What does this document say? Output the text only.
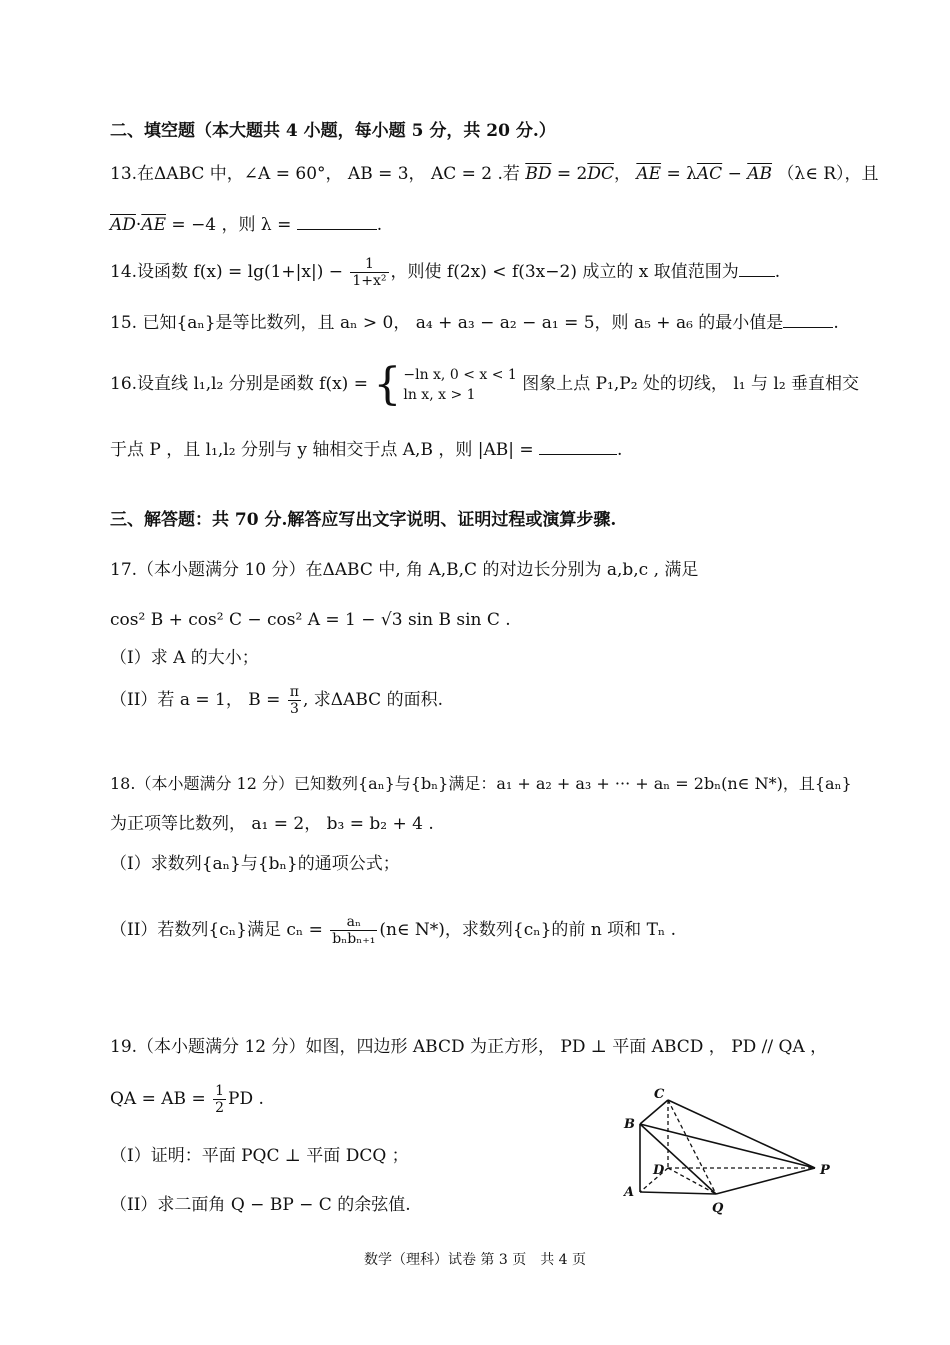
二、填空题（本大题共 4 小题，每小题 5 分，共 20 分.）
13.在ΔABC 中，∠A = 60°， AB = 3， AC = 2 .若 $\overline{BD} = 2\overline{DC}$， $\overline{AE} = \lambda\overline{AC} - \overline{AB}$ （λ∈ R），且
$\overline{AD}\cdot\overline{AE} = -4$ ，则 λ =	.
14.设函数 $f(x) = \lg(1+|x|) - \frac{1}{\text{1+x²}}$ ，则使 f(2x) < f(3x−2) 成立的 x 取值范围为 .
15. 已知{aₙ}是等比数列，且 aₙ > 0， a₄ + a₃ − a₂ − a₁ = 5，则 a₅ + a₆ 的最小值是	.
16.设直线 l₁,l₂ 分别是函数 f(x) = { −ln x, 0 < x < 1
ln x, x > 1
图象上点 P₁,P₂ 处的切线， l₁ 与 l₂ 垂直相交
于点 P ，且 l₁,l₂ 分别与 y 轴相交于点 A,B ，则 |AB| =	.
三、解答题：共 70 分.解答应写出文字说明、证明过程或演算步骤.
17.（本小题满分 10 分）在ΔABC 中, 角 A,B,C 的对边长分别为 a,b,c , 满足
cos² B + cos² C − cos² A = 1 − √3 sin B sin C .
（I）求 A 的大小；
（II）若 a = 1， $B = \frac{\pi}{3}$ , 求ΔABC 的面积.
18.（本小题满分 12 分）已知数列{aₙ}与{bₙ}满足：a₁ + a₂ + a₃ + ··· + aₙ = 2bₙ(n∈ N*)，且{aₙ}
为正项等比数列， a₁ = 2， b₃ = b₂ + 4 .
（I）求数列{aₙ}与{bₙ}的通项公式；
（II）若数列{cₙ}满足 $c_n = \frac{\text{aₙ}}{\text{bₙbₙ₊₁}}$ (n∈ N*)，求数列{cₙ}的前 n 项和 Tₙ .
19.（本小题满分 12 分）如图，四边形 ABCD 为正方形， PD ⊥ 平面 ABCD ， PD // QA ，
QA = AB = $\frac{1}{2}$ PD .
（I）证明：平面 PQC ⊥ 平面 DCQ ；
（II）求二面角 Q − BP − C 的余弦值.
C
B
D
A
P
Q
数学（理科）试卷 第 3 页　共 4 页
